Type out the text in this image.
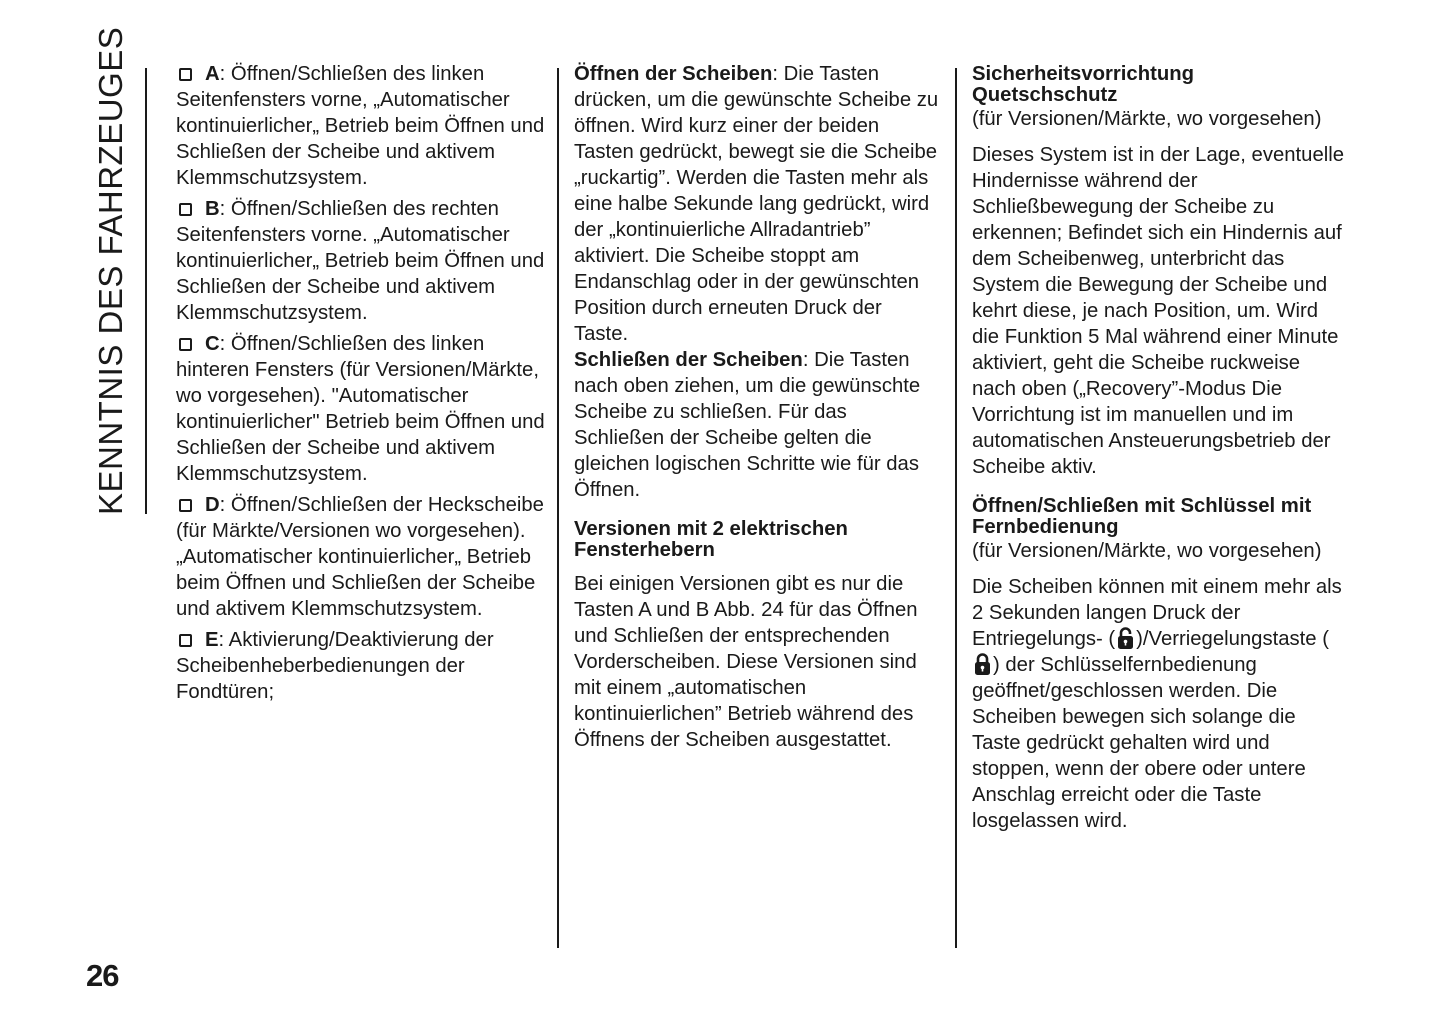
KENNTNIS DES FAHRZEUGES
26

A: Öffnen/Schließen des linken Seitenfensters vorne, „Automatischer kontinuierlicher„ Betrieb beim Öffnen und Schließen der Scheibe und aktivem Klemmschutzsystem.

B: Öffnen/Schließen des rechten Seitenfensters vorne. „Automatischer kontinuierlicher„ Betrieb beim Öffnen und Schließen der Scheibe und aktivem Klemmschutzsystem.

C: Öffnen/Schließen des linken hinteren Fensters (für Versionen/Märkte, wo vorgesehen). "Automatischer kontinuierlicher" Betrieb beim Öffnen und Schließen der Scheibe und aktivem Klemmschutzsystem.

D: Öffnen/Schließen der Heckscheibe (für Märkte/Versionen wo vorgesehen). „Automatischer kontinuierlicher„ Betrieb beim Öffnen und Schließen der Scheibe und aktivem Klemmschutzsystem.

E: Aktivierung/Deaktivierung der Scheibenheberbedienungen der Fondtüren;

Öffnen der Scheiben: Die Tasten drücken, um die gewünschte Scheibe zu öffnen. Wird kurz einer der beiden Tasten gedrückt, bewegt sie die Scheibe „ruckartig”. Werden die Tasten mehr als eine halbe Sekunde lang gedrückt, wird der „kontinuierliche Allradantrieb” aktiviert. Die Scheibe stoppt am Endanschlag oder in der gewünschten Position durch erneuten Druck der Taste.

Schließen der Scheiben: Die Tasten nach oben ziehen, um die gewünschte Scheibe zu schließen. Für das Schließen der Scheibe gelten die gleichen logischen Schritte wie für das Öffnen.

Versionen mit 2 elektrischen Fensterhebern

Bei einigen Versionen gibt es nur die Tasten A und B Abb. 24 für das Öffnen und Schließen der entsprechenden Vorderscheiben. Diese Versionen sind mit einem „automatischen kontinuierlichen” Betrieb während des Öffnens der Scheiben ausgestattet.

Sicherheitsvorrichtung Quetschschutz

(für Versionen/Märkte, wo vorgesehen)

Dieses System ist in der Lage, eventuelle Hindernisse während der Schließbewegung der Scheibe zu erkennen; Befindet sich ein Hindernis auf dem Scheibenweg, unterbricht das System die Bewegung der Scheibe und kehrt diese, je nach Position, um. Wird die Funktion 5 Mal während einer Minute aktiviert, geht die Scheibe ruckweise nach oben („Recovery”-Modus Die Vorrichtung ist im manuellen und im automatischen Ansteuerungsbetrieb der Scheibe aktiv.

Öffnen/Schließen mit Schlüssel mit Fernbedienung

(für Versionen/Märkte, wo vorgesehen)

Die Scheiben können mit einem mehr als 2 Sekunden langen Druck der Entriegelungs- ( )/Verriegelungstaste (

) der Schlüsselfernbedienung geöffnet/geschlossen werden. Die Scheiben bewegen sich solange die Taste gedrückt gehalten wird und stoppen, wenn der obere oder untere Anschlag erreicht oder die Taste losgelassen wird.
